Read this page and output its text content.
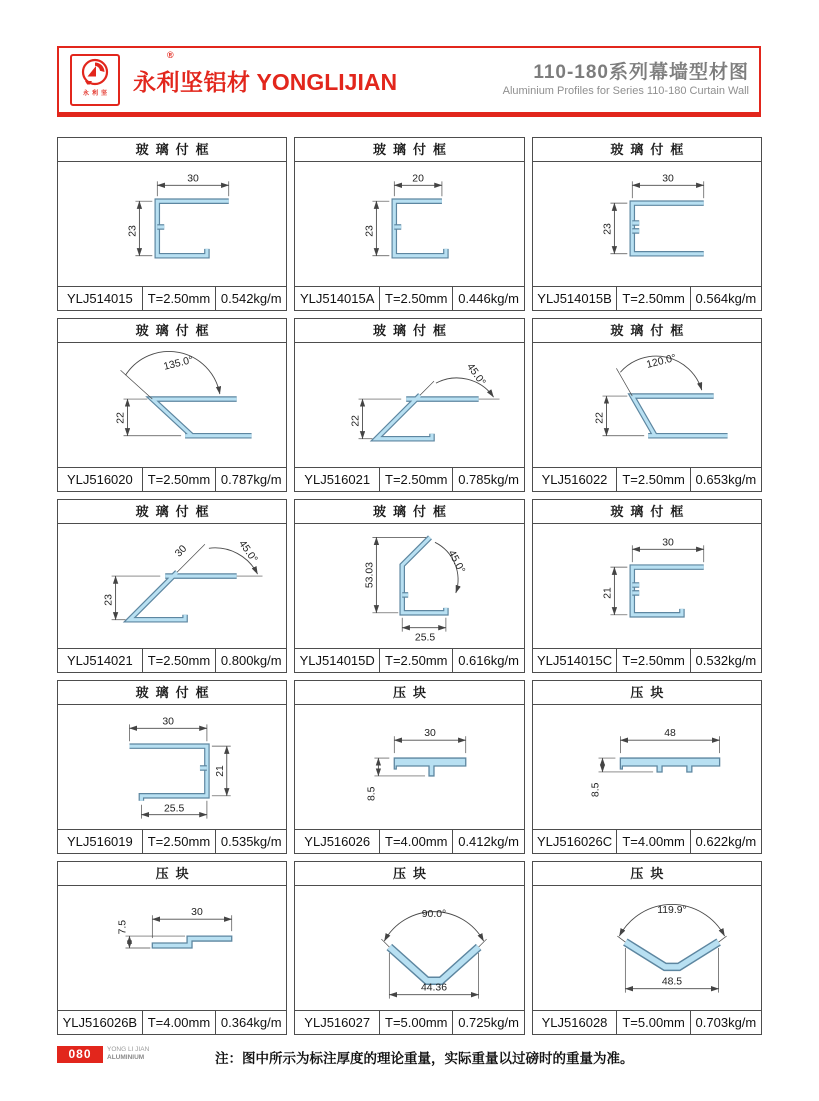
永利坚
®
永利坚铝材 YONGLIJIAN	110-180系列幕墙型材图
Aluminium Profiles for Series 110-180 Curtain Wall
玻璃付框
30
23
YLJ514015	T=2.50mm 0.542kg/m
玻璃付框
20
23
YLJ514015A T=2.50mm 0.446kg/m
玻璃付框
30
23
YLJ514015B T=2.50mm 0.564kg/m
玻璃付框
135.0°
22
YLJ516020	T=2.50mm 0.787kg/m
玻璃付框
45.0°
22
YLJ516021	T=2.50mm 0.785kg/m
玻璃付框
120.0°
22
YLJ516022	T=2.50mm 0.653kg/m
玻璃付框
30	45.0°
23
YLJ514021	T=2.50mm 0.800kg/m
玻璃付框
53.03	45.0°
25.5
YLJ514015D T=2.50mm 0.616kg/m
玻璃付框
30
21
YLJ514015C T=2.50mm 0.532kg/m
玻璃付框
30
21
25.5
YLJ516019	T=2.50mm 0.535kg/m
压块
30
8.5
YLJ516026	T=4.00mm 0.412kg/m
压块
48
8.5
YLJ516026C T=4.00mm 0.622kg/m
压块
7.5
30
YLJ516026B T=4.00mm 0.364kg/m
压块
90.0°
44.36
YLJ516027	T=5.00mm 0.725kg/m
压块
119.9°
48.5
YLJ516028	T=5.00mm 0.703kg/m
080	YONG LI JIAN
ALUMINIUM	注：图中所示为标注厚度的理论重量，实际重量以过磅时的重量为准。
